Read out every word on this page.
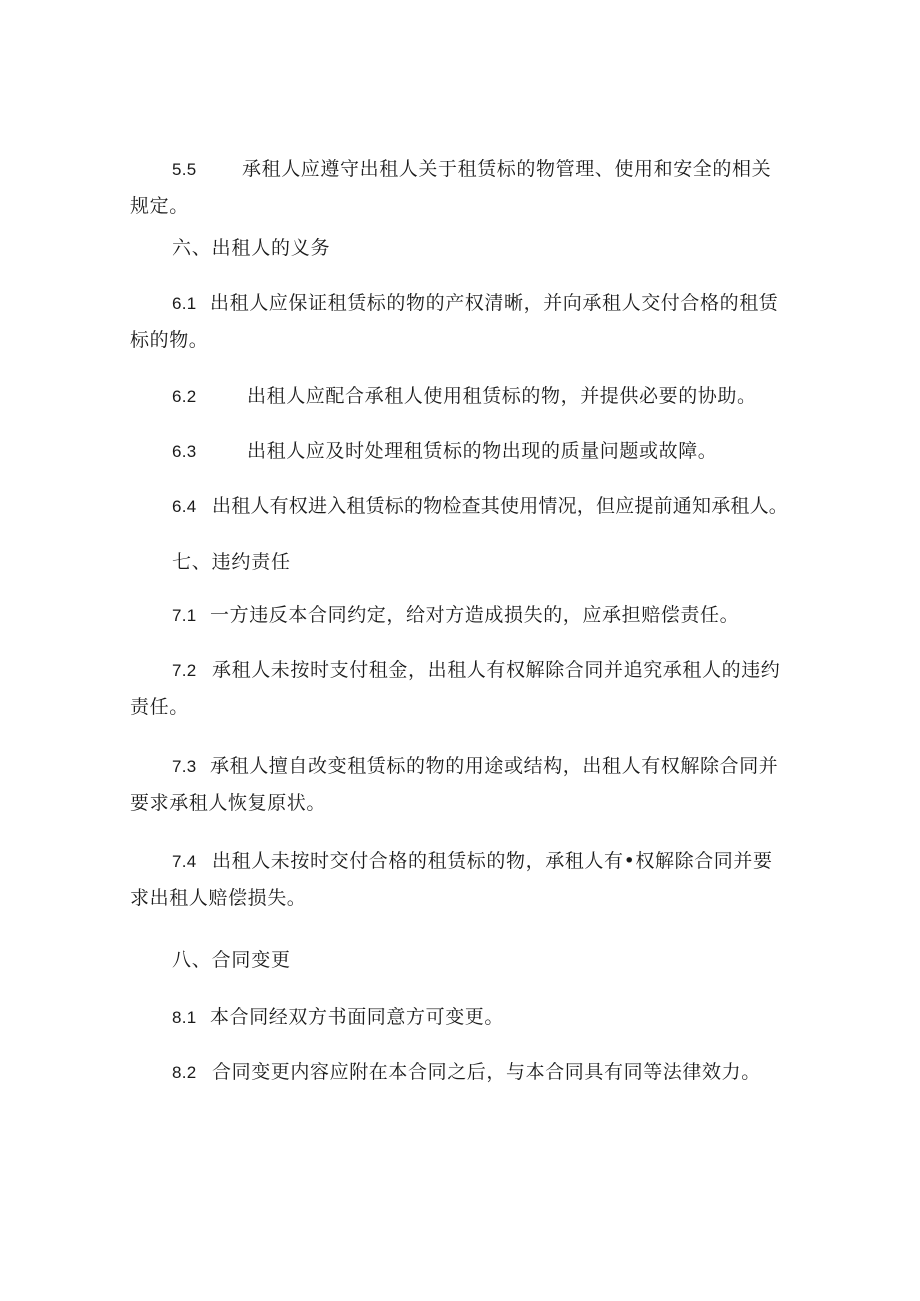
5.5 承租人应遵守出租人关于租赁标的物管理、使用和安全的相关
规定。
六、出租人的义务
6.1 出租人应保证租赁标的物的产权清晰，并向承租人交付合格的租赁
标的物。
6.2	出租人应配合承租人使用租赁标的物，并提供必要的协助。
6.3	出租人应及时处理租赁标的物出现的质量问题或故障。
6.4 出租人有权进入租赁标的物检查其使用情况，但应提前通知承租人。
七、违约责任
7.1 一方违反本合同约定，给对方造成损失的，应承担赔偿责任。
7.2 承租人未按时支付租金，出租人有权解除合同并追究承租人的违约
责任。
7.3 承租人擅自改变租赁标的物的用途或结构，出租人有权解除合同并
要求承租人恢复原状。
7.4 出租人未按时交付合格的租赁标的物，承租人有•权解除合同并要
求出租人赔偿损失。
八、合同变更
8.1 本合同经双方书面同意方可变更。
8.2 合同变更内容应附在本合同之后，与本合同具有同等法律效力。
